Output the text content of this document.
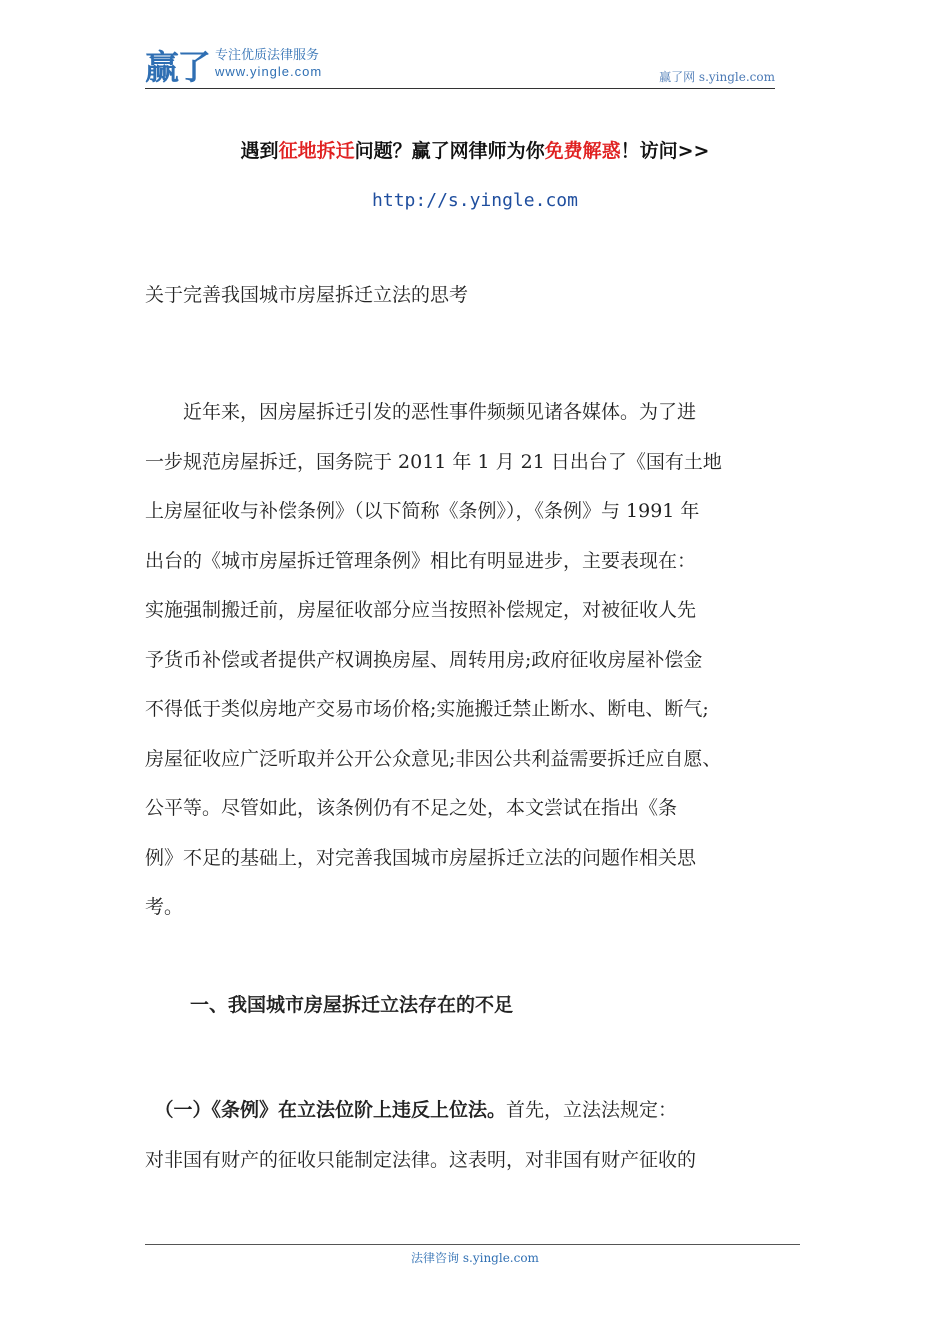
赢了 专注优质法律服务
www.yingle.com	赢了网 s.yingle.com
遇到征地拆迁问题？赢了网律师为你免费解惑！访问>>
http://s.yingle.com
关于完善我国城市房屋拆迁立法的思考
　　近年来，因房屋拆迁引发的恶性事件频频见诸各媒体。为了进
一步规范房屋拆迁，国务院于 2011 年 1 月 21 日出台了《国有土地
上房屋征收与补偿条例》（以下简称《条例》），《条例》与 1991 年
出台的《城市房屋拆迁管理条例》相比有明显进步，主要表现在：
实施强制搬迁前，房屋征收部分应当按照补偿规定，对被征收人先
予货币补偿或者提供产权调换房屋、周转用房;政府征收房屋补偿金
不得低于类似房地产交易市场价格;实施搬迁禁止断水、断电、断气;
房屋征收应广泛听取并公开公众意见;非因公共利益需要拆迁应自愿、
公平等。尽管如此，该条例仍有不足之处，本文尝试在指出《条
例》不足的基础上，对完善我国城市房屋拆迁立法的问题作相关思
考。
一、我国城市房屋拆迁立法存在的不足
　（一）《条例》在立法位阶上违反上位法。首先，立法法规定：
对非国有财产的征收只能制定法律。这表明，对非国有财产征收的
法律咨询 s.yingle.com
